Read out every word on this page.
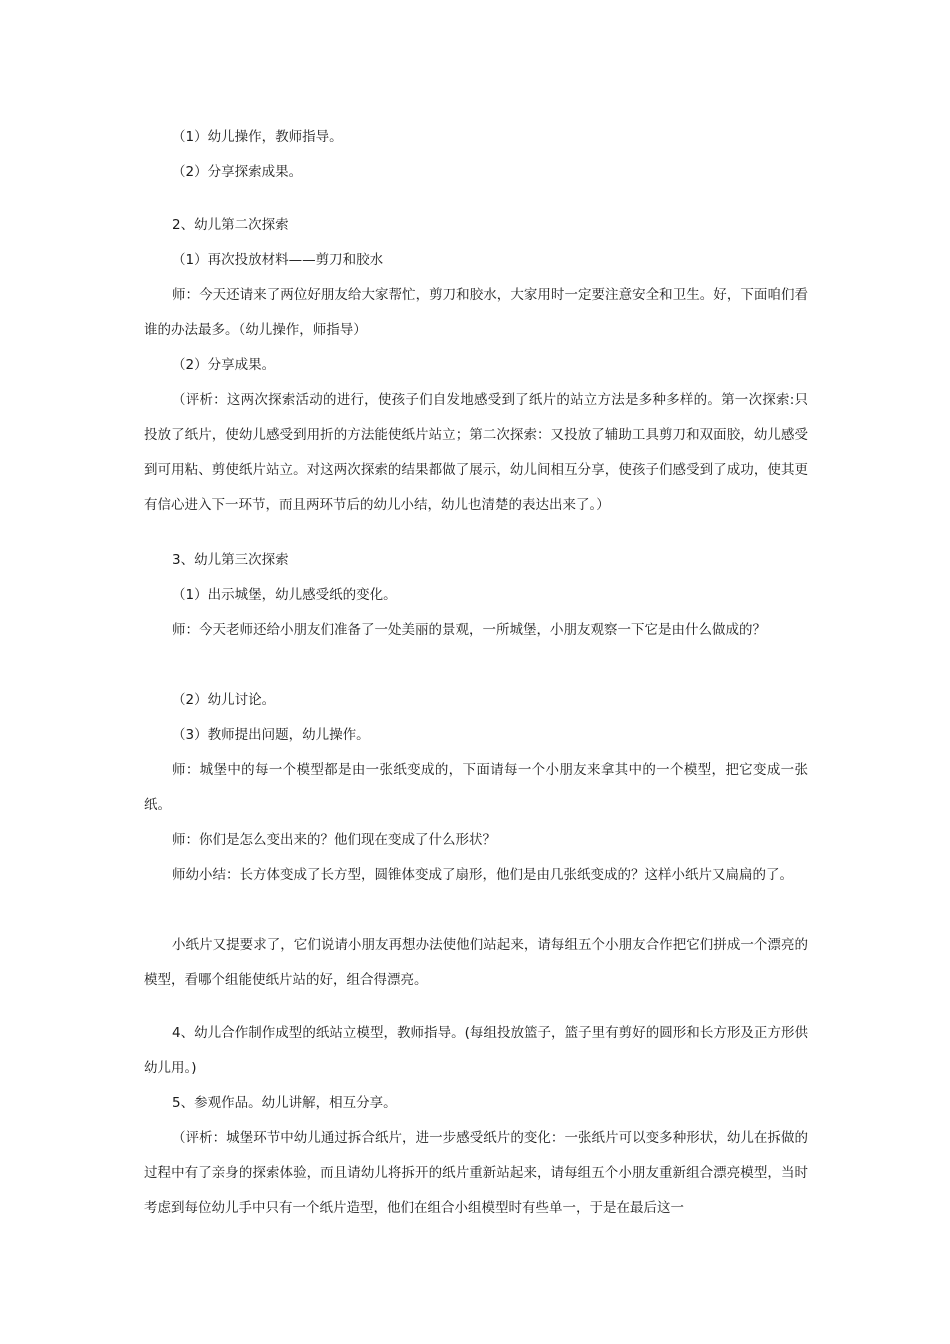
（1）幼儿操作，教师指导。

（2）分享探索成果。

2、幼儿第二次探索

（1）再次投放材料——剪刀和胶水

师：今天还请来了两位好朋友给大家帮忙，剪刀和胶水，大家用时一定要注意安全和卫生。好，下面咱们看谁的办法最多。（幼儿操作，师指导）

（2）分享成果。

（评析：这两次探索活动的进行，使孩子们自发地感受到了纸片的站立方法是多种多样的。第一次探索:只投放了纸片，使幼儿感受到用折的方法能使纸片站立；第二次探索：又投放了辅助工具剪刀和双面胶，幼儿感受到可用粘、剪使纸片站立。对这两次探索的结果都做了展示，幼儿间相互分享，使孩子们感受到了成功，使其更有信心进入下一环节，而且两环节后的幼儿小结，幼儿也清楚的表达出来了。）

3、幼儿第三次探索

（1）出示城堡，幼儿感受纸的变化。

师：今天老师还给小朋友们准备了一处美丽的景观，一所城堡，小朋友观察一下它是由什么做成的？

（2）幼儿讨论。

（3）教师提出问题，幼儿操作。

师：城堡中的每一个模型都是由一张纸变成的，下面请每一个小朋友来拿其中的一个模型，把它变成一张纸。

师：你们是怎么变出来的？他们现在变成了什么形状？

师幼小结：长方体变成了长方型，圆锥体变成了扇形，他们是由几张纸变成的？这样小纸片又扁扁的了。

小纸片又提要求了，它们说请小朋友再想办法使他们站起来，请每组五个小朋友合作把它们拼成一个漂亮的模型，看哪个组能使纸片站的好，组合得漂亮。

4、幼儿合作制作成型的纸站立模型，教师指导。(每组投放篮子，篮子里有剪好的圆形和长方形及正方形供幼儿用。)

5、参观作品。幼儿讲解，相互分享。

（评析：城堡环节中幼儿通过拆合纸片，进一步感受纸片的变化：一张纸片可以变多种形状，幼儿在拆做的过程中有了亲身的探索体验，而且请幼儿将拆开的纸片重新站起来，请每组五个小朋友重新组合漂亮模型，当时考虑到每位幼儿手中只有一个纸片造型，他们在组合小组模型时有些单一，于是在最后这一
